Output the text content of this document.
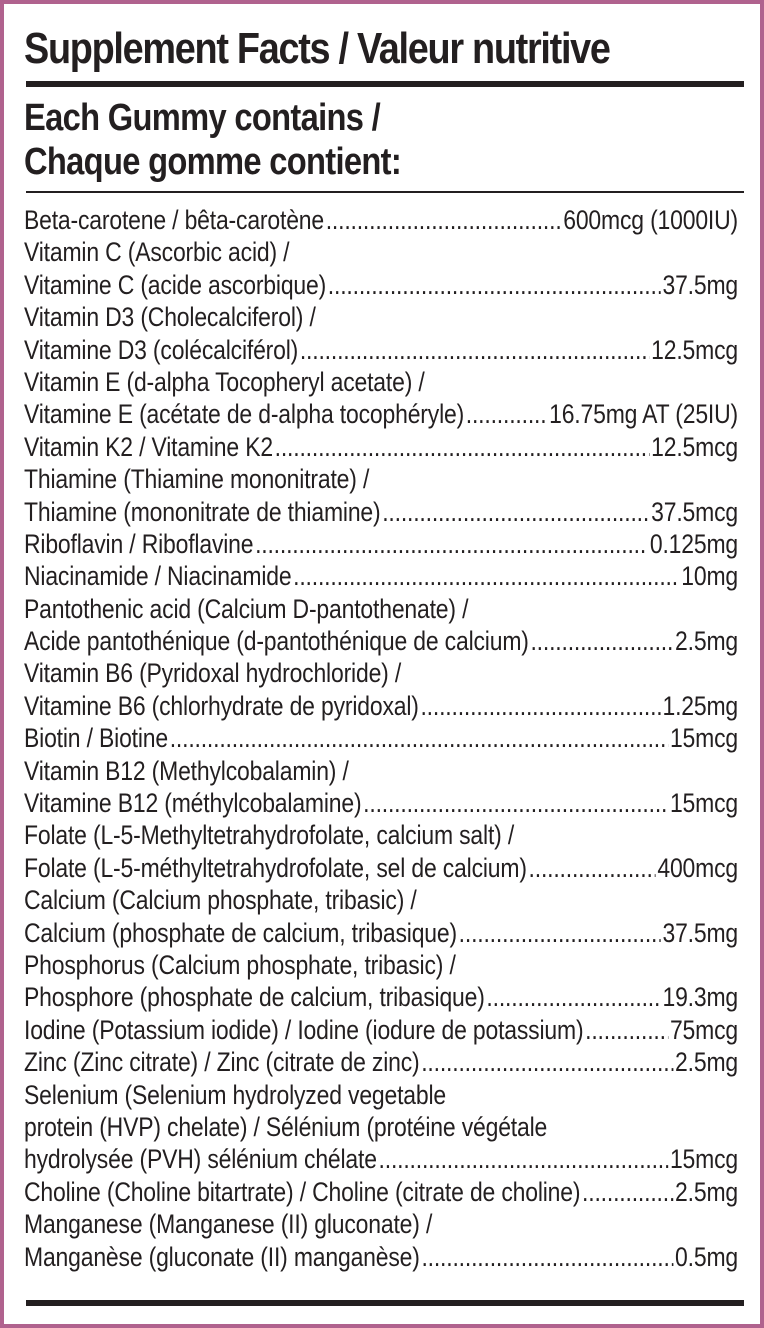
Supplement Facts / Valeur nutritive
Each Gummy contains /
Chaque gomme contient:
Beta-carotene / bêta-carotène .....	600mcg (1000IU)
Vitamin C (Ascorbic acid) /
Vitamine C (acide ascorbique) .....	37.5mg
Vitamin D3 (Cholecalciferol) /
Vitamine D3 (colécalciférol) .....	12.5mcg
Vitamin E (d-alpha Tocopheryl acetate) /
Vitamine E (acétate de d-alpha tocophéryle) .....	16.75mg AT (25IU)
Vitamin K2 / Vitamine K2 .....	12.5mcg
Thiamine (Thiamine mononitrate) /
Thiamine (mononitrate de thiamine) .....	37.5mcg
Riboflavin / Riboflavine .....	0.125mg
Niacinamide / Niacinamide .....	10mg
Pantothenic acid (Calcium D-pantothenate) /
Acide pantothénique (d-pantothénique de calcium) .....	2.5mg
Vitamin B6 (Pyridoxal hydrochloride) /
Vitamine B6 (chlorhydrate de pyridoxal) .....	1.25mg
Biotin / Biotine .....	15mcg
Vitamin B12 (Methylcobalamin) /
Vitamine B12 (méthylcobalamine) .....	15mcg
Folate (L-5-Methyltetrahydrofolate, calcium salt) /
Folate (L-5-méthyltetrahydrofolate, sel de calcium) .....	400mcg
Calcium (Calcium phosphate, tribasic) /
Calcium (phosphate de calcium, tribasique) .....	37.5mg
Phosphorus (Calcium phosphate, tribasic) /
Phosphore (phosphate de calcium, tribasique) .....	19.3mg
Iodine (Potassium iodide) / Iodine (iodure de potassium) .....	75mcg
Zinc (Zinc citrate) / Zinc (citrate de zinc) .....	2.5mg
Selenium (Selenium hydrolyzed vegetable
protein (HVP) chelate) / Sélénium (protéine végétale
hydrolysée (PVH) sélénium chélate .....	15mcg
Choline (Choline bitartrate) / Choline (citrate de choline) .....	2.5mg
Manganese (Manganese (II) gluconate) /
Manganèse (gluconate (II) manganèse) .....	0.5mg
